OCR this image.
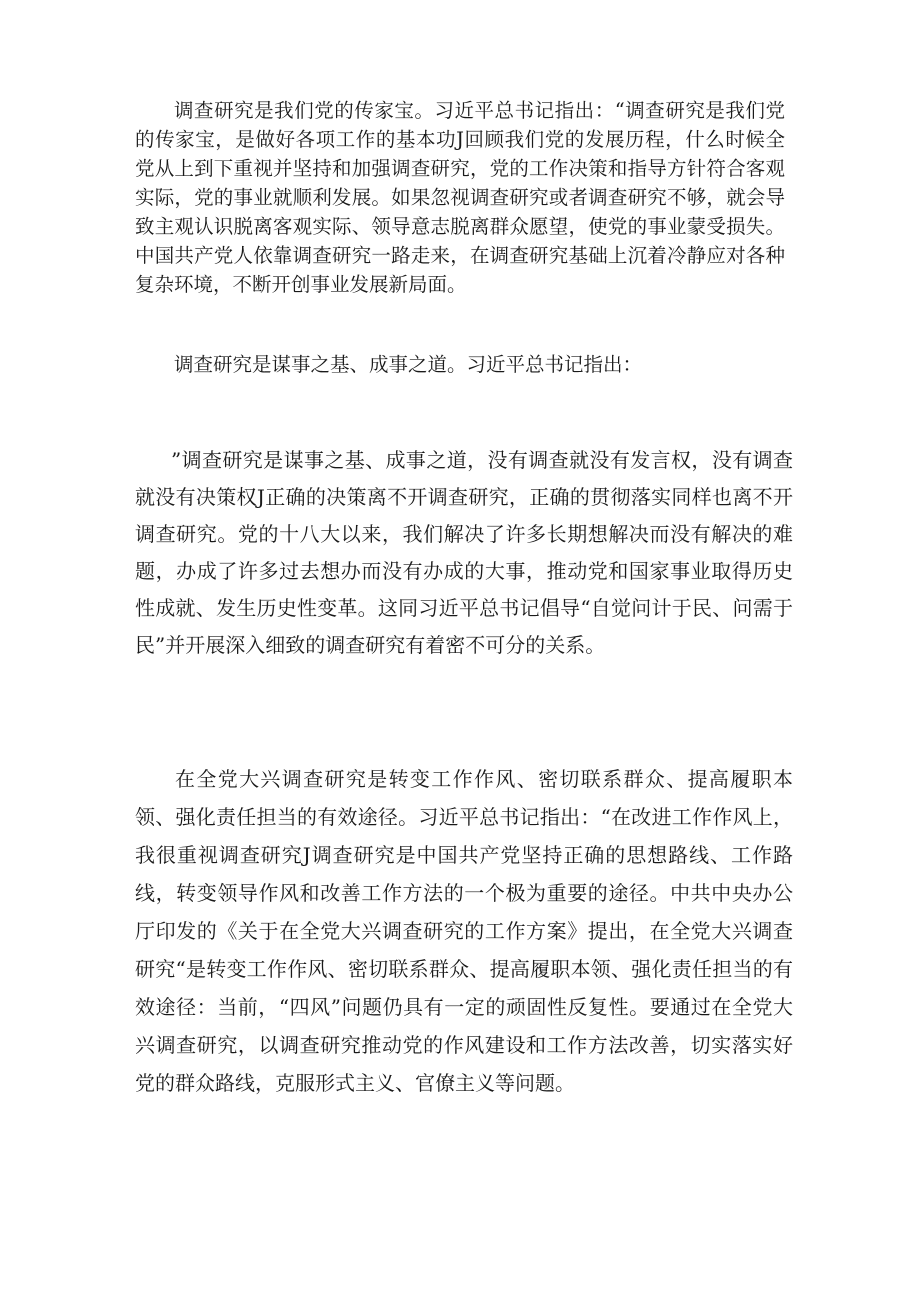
调查研究是我们党的传家宝。习近平总书记指出：“调查研究是我们党的传家宝，是做好各项工作的基本功J回顾我们党的发展历程，什么时候全党从上到下重视并坚持和加强调查研究，党的工作决策和指导方针符合客观实际，党的事业就顺利发展。如果忽视调查研究或者调查研究不够，就会导致主观认识脱离客观实际、领导意志脱离群众愿望，使党的事业蒙受损失。中国共产党人依靠调查研究一路走来，在调查研究基础上沉着冷静应对各种复杂环境，不断开创事业发展新局面。

调查研究是谋事之基、成事之道。习近平总书记指出：

”调查研究是谋事之基、成事之道，没有调查就没有发言权，没有调查就没有决策权J正确的决策离不开调查研究，正确的贯彻落实同样也离不开调查研究。党的十八大以来，我们解决了许多长期想解决而没有解决的难题，办成了许多过去想办而没有办成的大事，推动党和国家事业取得历史性成就、发生历史性变革。这同习近平总书记倡导“自觉问计于民、问需于民”并开展深入细致的调查研究有着密不可分的关系。

在全党大兴调查研究是转变工作作风、密切联系群众、提高履职本领、强化责任担当的有效途径。习近平总书记指出：“在改进工作作风上，我很重视调查研究J调查研究是中国共产党坚持正确的思想路线、工作路线，转变领导作风和改善工作方法的一个极为重要的途径。中共中央办公厅印发的《关于在全党大兴调查研究的工作方案》提出，在全党大兴调查研究“是转变工作作风、密切联系群众、提高履职本领、强化责任担当的有效途径：当前，“四风”问题仍具有一定的顽固性反复性。要通过在全党大兴调查研究，以调查研究推动党的作风建设和工作方法改善，切实落实好党的群众路线，克服形式主义、官僚主义等问题。
